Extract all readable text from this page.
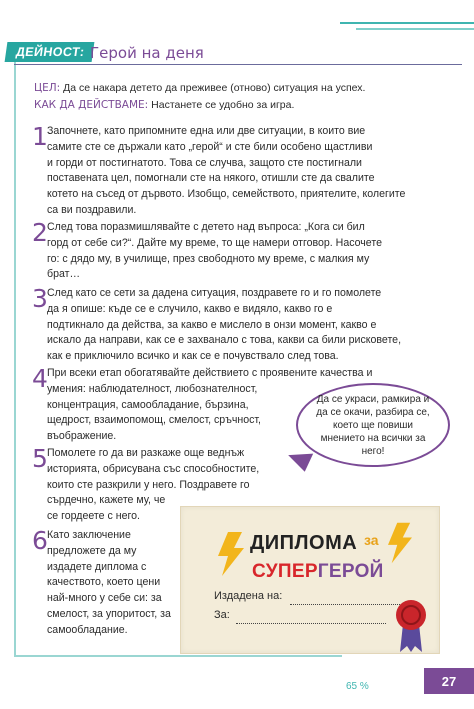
ДЕЙНОСТ: Герой на деня
ЦЕЛ: Да се накара детето да преживее (отново) ситуация на успех.
КАК ДА ДЕЙСТВАМЕ: Настанете се удобно за игра.
1 Започнете, като припомните една или две ситуации, в които вие
самите сте се държали като „герой“ и сте били особено щастливи
и горди от постигнатото. Това се случва, защото сте постигнали
поставената цел, помогнали сте на някого, отишли сте да свалите
котето на съсед от дървото. Изобщо, семейството, приятелите, колегите
са ви поздравили.
2 След това поразмишлявайте с детето над въпроса: „Кога си бил
горд от себе си?“. Дайте му време, то ще намери отговор. Насочете
го: с дядо му, в училище, през свободното му време, с малкия му
брат…
3 След като се сети за дадена ситуация, поздравете го и го помолете
да я опише: къде се е случило, какво е видяло, какво го е
подтикнало да действа, за какво е мислело в онзи момент, какво е
искало да направи, как се е захванало с това, какви са били рисковете,
как е приключило всичко и как се е почувствало след това.
4 При всеки етап обогатявайте действието с проявените качества и
умения: наблюдателност, любознателност,
концентрация, самообладание, бързина,
щедрост, взаимопомощ, смелост, сръчност,
въображение.
Да се украси, рамкира и да се окачи, разбира се, което ще повиши мнението на всички за него!
5 Помолете го да ви разкаже още веднъж
историята, обрисувана със способностите,
които сте разкрили у него. Поздравете го
сърдечно, кажете му, че
се гордеете с него.
6 Като заключение
предложете да му
издадете диплома с
качеството, което цени
най-много у себе си: за
смелост, за упоритост, за
самообладание.
ДИПЛОМА за
СУПЕРГЕРОЙ
Издадена на:
За:
65 %	27
